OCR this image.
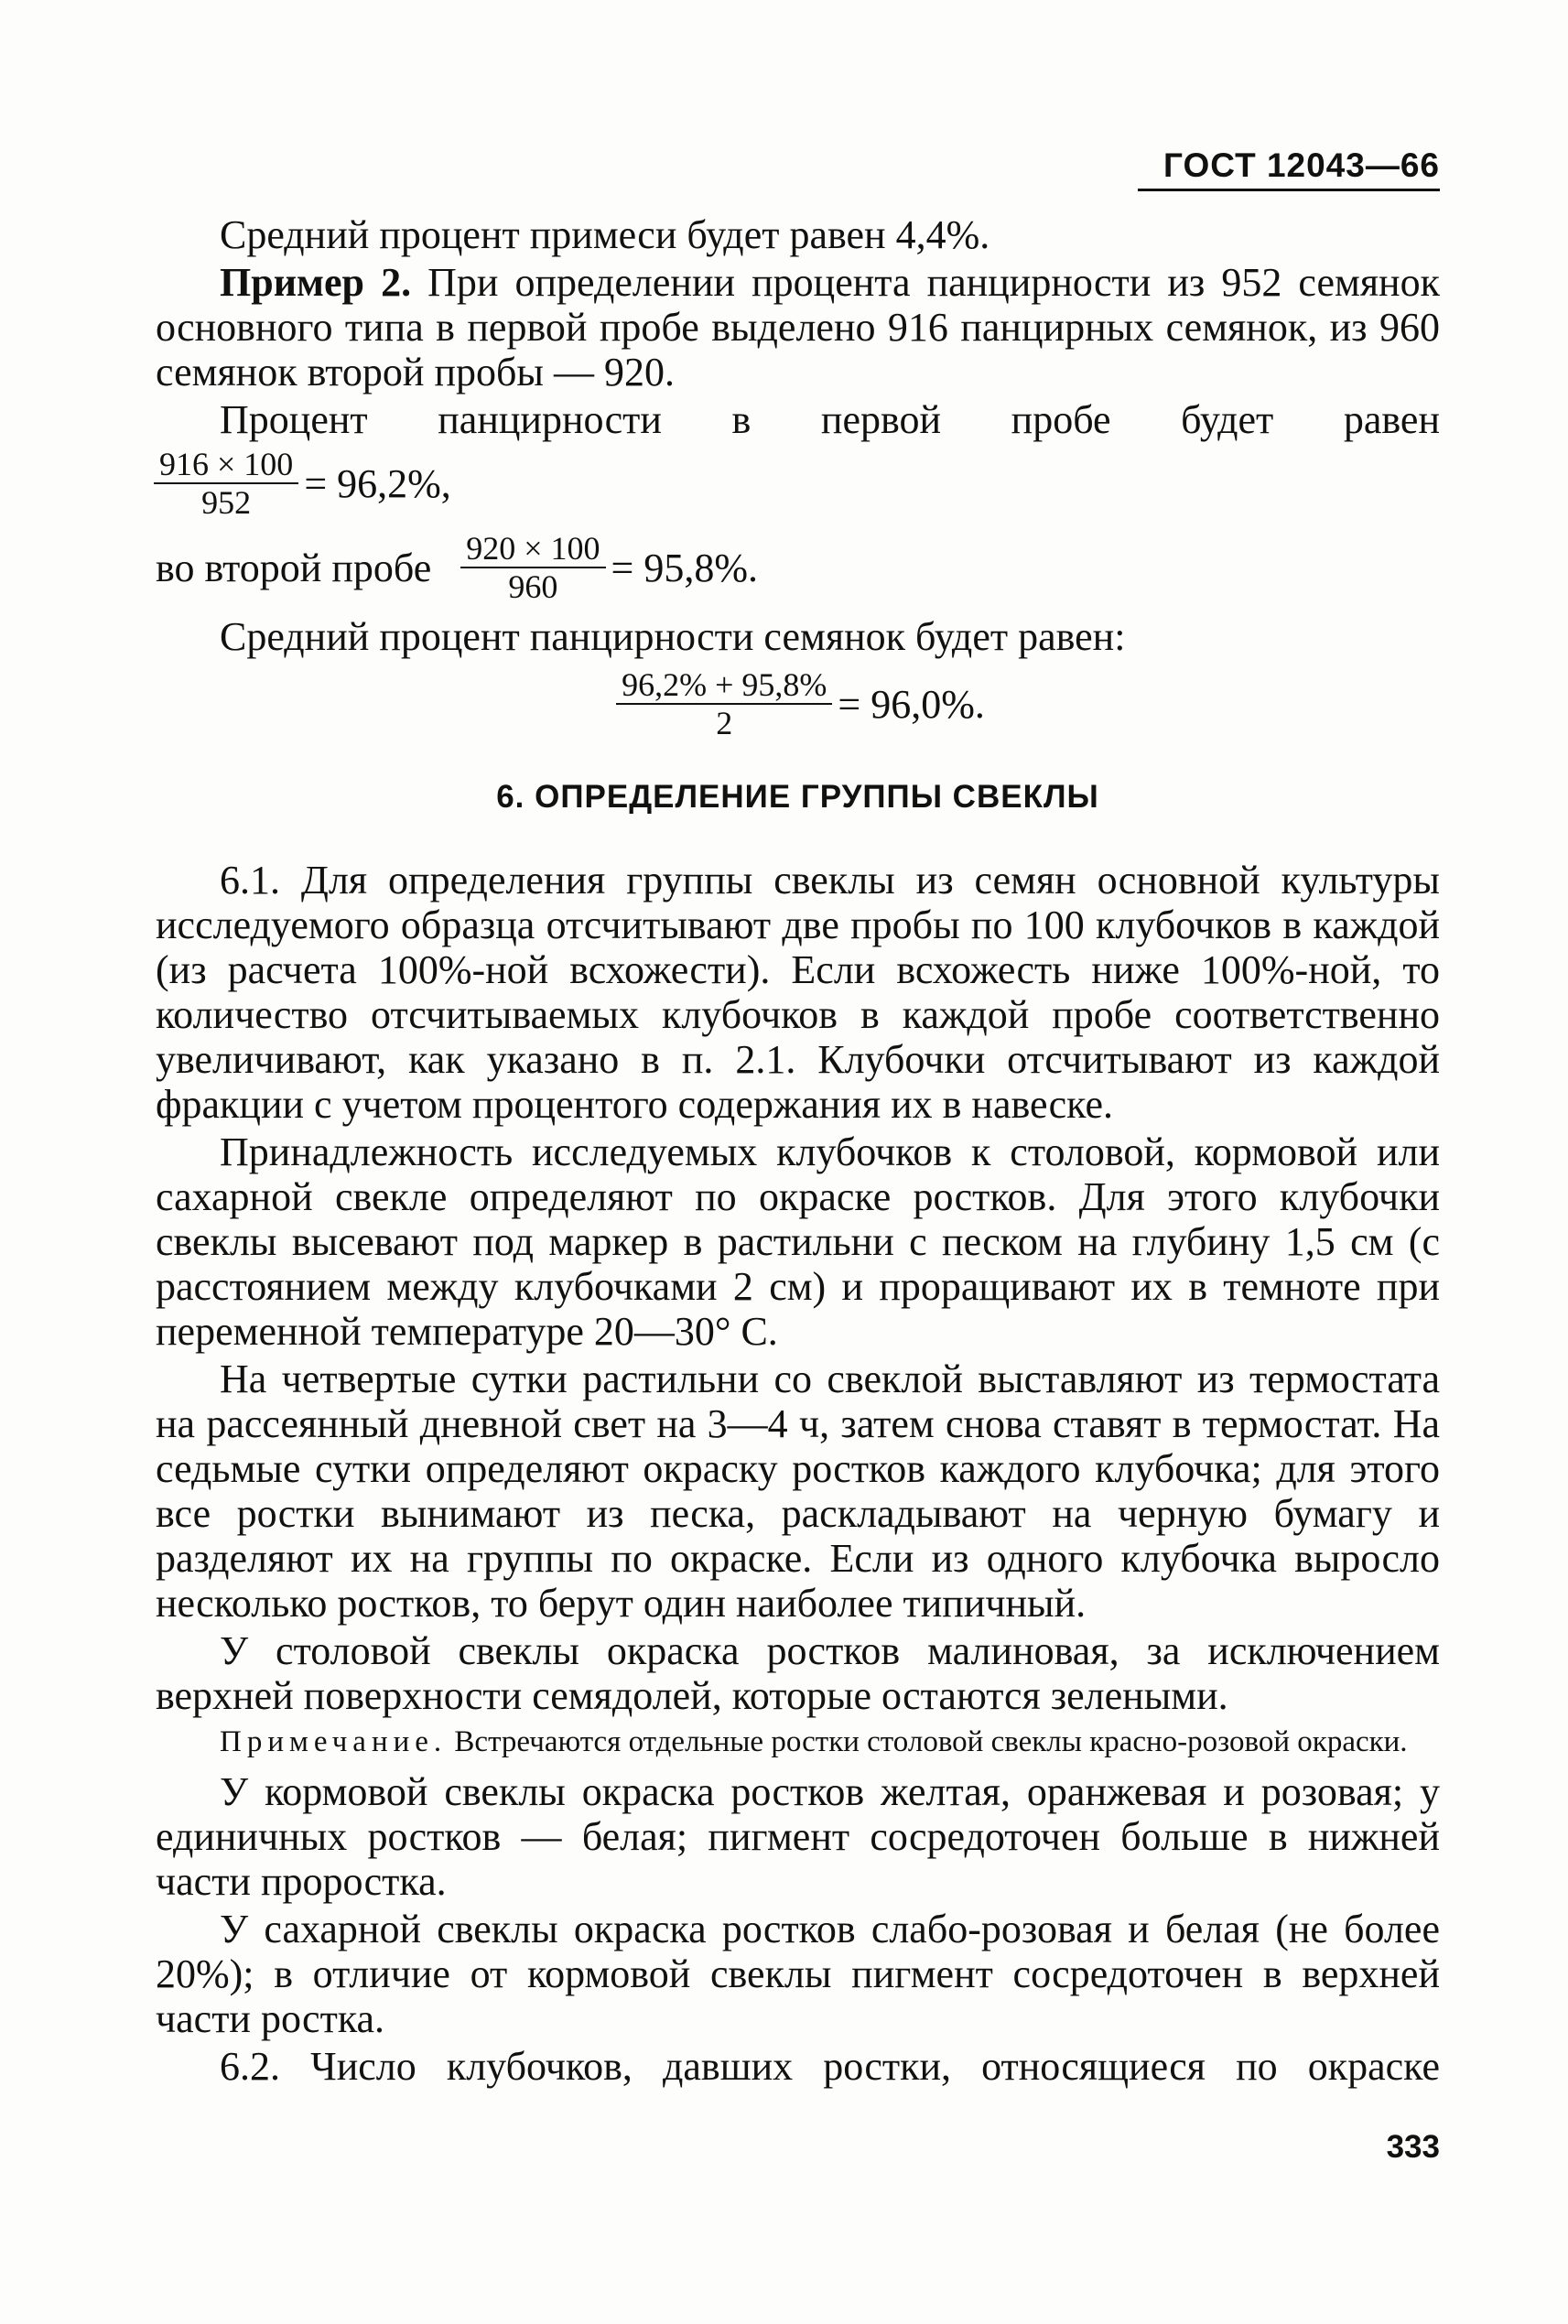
ГОСТ 12043—66

Средний процент примеси будет равен 4,4%.

Пример 2. При определении процента панцирности из 952 семянок основного типа в первой пробе выделено 916 панцирных семянок, из 960 семянок второй пробы — 920.

Процент панцирности в первой пробе будет равен

$\frac{916 \times 100}{952} = 96,2\%$,
во второй пробе $\frac{920 \times 100}{960} = 95,8\%$.

Средний процент панцирности семянок будет равен:

$\frac{96,2\% + 95,8\%}{2} = 96,0\%$.
6. ОПРЕДЕЛЕНИЕ ГРУППЫ СВЕКЛЫ

6.1. Для определения группы свеклы из семян основной культуры исследуемого образца отсчитывают две пробы по 100 клубочков в каждой (из расчета 100%-ной всхожести). Если всхожесть ниже 100%-ной, то количество отсчитываемых клубочков в каждой пробе соответственно увеличивают, как указано в п. 2.1. Клубочки отсчитывают из каждой фракции с учетом процентого содержания их в навеске.

Принадлежность исследуемых клубочков к столовой, кормовой или сахарной свекле определяют по окраске ростков. Для этого клубочки свеклы высевают под маркер в растильни с песком на глубину 1,5 см (с расстоянием между клубочками 2 см) и проращивают их в темноте при переменной температуре 20—30° С.

На четвертые сутки растильни со свеклой выставляют из термостата на рассеянный дневной свет на 3—4 ч, затем снова ставят в термостат. На седьмые сутки определяют окраску ростков каждого клубочка; для этого все ростки вынимают из песка, раскладывают на черную бумагу и разделяют их на группы по окраске. Если из одного клубочка выросло несколько ростков, то берут один наиболее типичный.

У столовой свеклы окраска ростков малиновая, за исключением верхней поверхности семядолей, которые остаются зелеными.

Примечание. Встречаются отдельные ростки столовой свеклы красно-розовой окраски.

У кормовой свеклы окраска ростков желтая, оранжевая и розовая; у единичных ростков — белая; пигмент сосредоточен больше в нижней части проростка.

У сахарной свеклы окраска ростков слабо-розовая и белая (не более 20%); в отличие от кормовой свеклы пигмент сосредоточен в верхней части ростка.

6.2. Число клубочков, давших ростки, относящиеся по окраске

333
